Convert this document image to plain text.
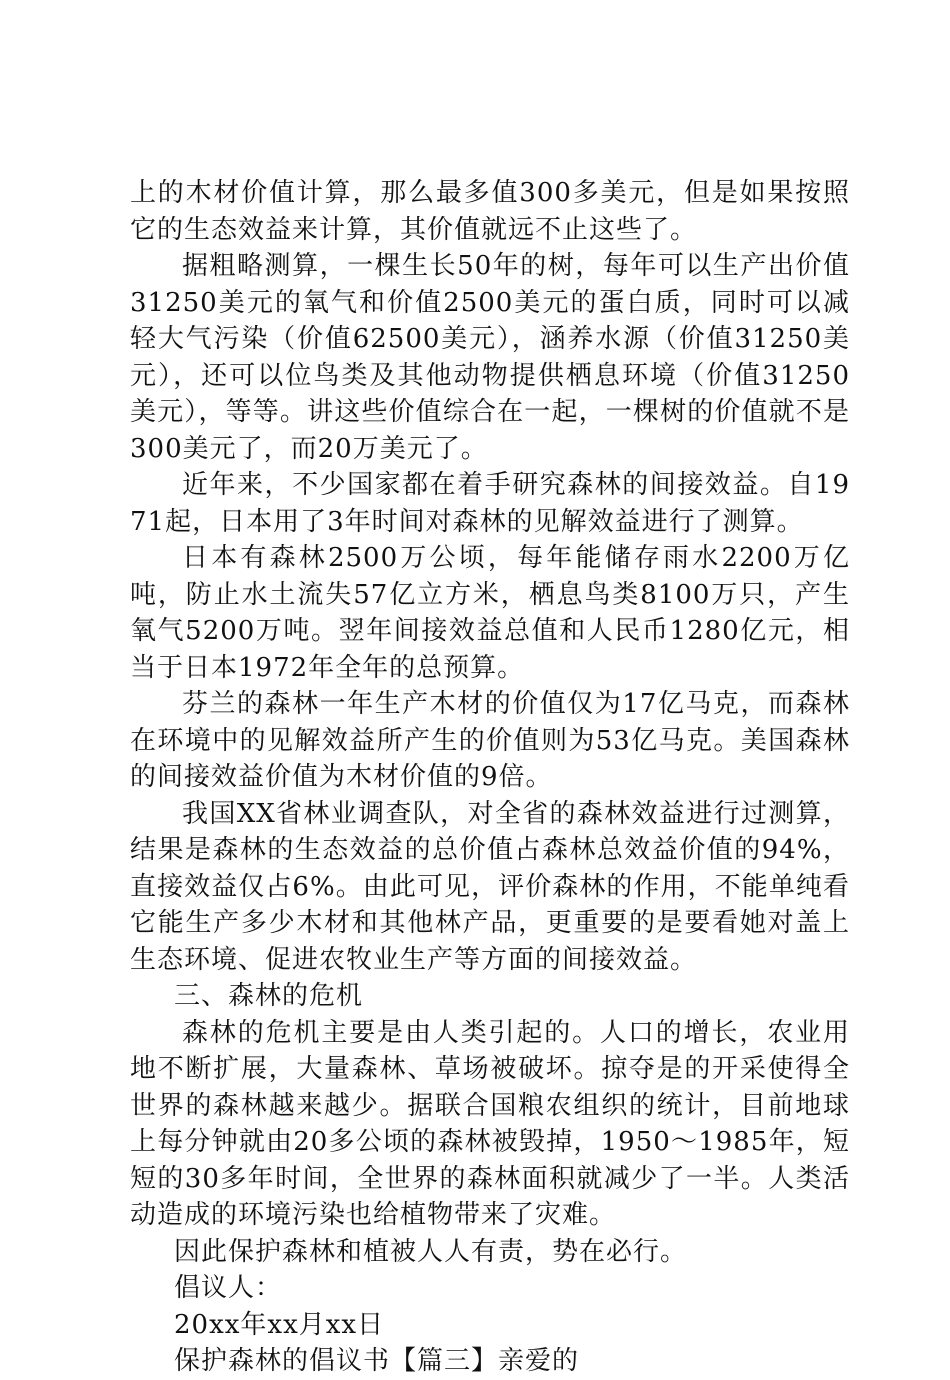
上的木材价值计算，那么最多值300多美元，但是如果按照它的生态效益来计算，其价值就远不止这些了。

据粗略测算，一棵生长50年的树，每年可以生产出价值31250美元的氧气和价值2500美元的蛋白质，同时可以减轻大气污染（价值62500美元），涵养水源（价值31250美元），还可以位鸟类及其他动物提供栖息环境（价值31250美元），等等。讲这些价值综合在一起，一棵树的价值就不是300美元了，而20万美元了。

近年来，不少国家都在着手研究森林的间接效益。自1971起，日本用了3年时间对森林的见解效益进行了测算。

日本有森林2500万公顷，每年能储存雨水2200万亿吨，防止水土流失57亿立方米，栖息鸟类8100万只，产生氧气5200万吨。翌年间接效益总值和人民币1280亿元，相当于日本1972年全年的总预算。

芬兰的森林一年生产木材的价值仅为17亿马克，而森林在环境中的见解效益所产生的价值则为53亿马克。美国森林的间接效益价值为木材价值的9倍。

我国XX省林业调查队，对全省的森林效益进行过测算，结果是森林的生态效益的总价值占森林总效益价值的94%，直接效益仅占6%。由此可见，评价森林的作用，不能单纯看它能生产多少木材和其他林产品，更重要的是要看她对盖上生态环境、促进农牧业生产等方面的间接效益。

三、森林的危机

森林的危机主要是由人类引起的。人口的增长，农业用地不断扩展，大量森林、草场被破坏。掠夺是的开采使得全世界的森林越来越少。据联合国粮农组织的统计，目前地球上每分钟就由20多公顷的森林被毁掉，1950～1985年，短短的30多年时间，全世界的森林面积就减少了一半。人类活动造成的环境污染也给植物带来了灾难。

因此保护森林和植被人人有责，势在必行。

倡议人：

20xx年xx月xx日

保护森林的倡议书【篇三】亲爱的
